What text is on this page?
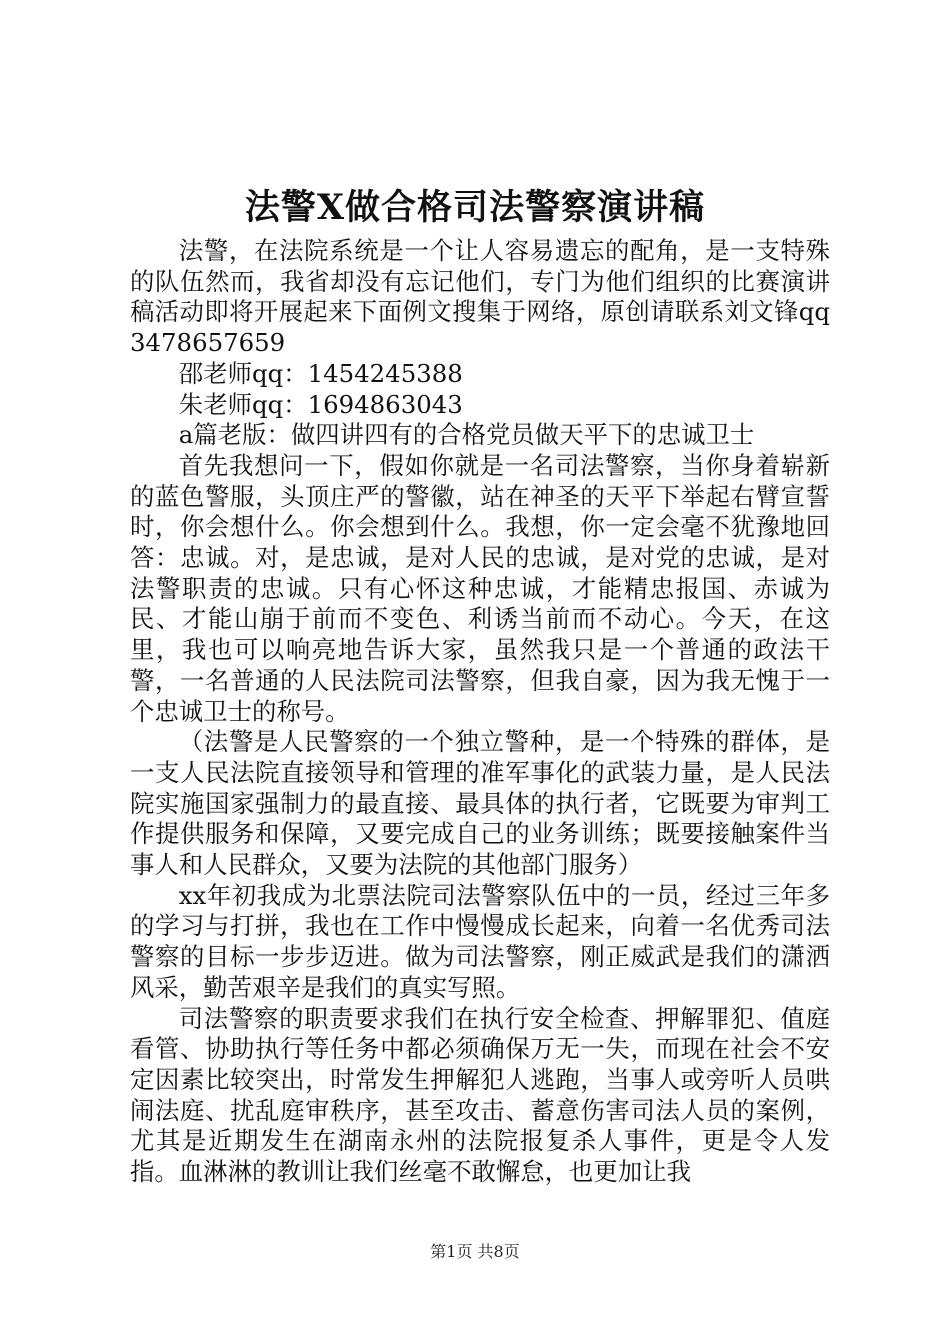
法警X做合格司法警察演讲稿

法警，在法院系统是一个让人容易遗忘的配角，是一支特殊的队伍然而，我省却没有忘记他们，专门为他们组织的比赛演讲稿活动即将开展起来下面例文搜集于网络，原创请联系刘文锋qq3478657659

邵老师qq：1454245388

朱老师qq：1694863043

a篇老版：做四讲四有的合格党员做天平下的忠诚卫士

首先我想问一下，假如你就是一名司法警察，当你身着崭新的蓝色警服，头顶庄严的警徽，站在神圣的天平下举起右臂宣誓时，你会想什么。你会想到什么。我想，你一定会毫不犹豫地回答：忠诚。对，是忠诚，是对人民的忠诚，是对党的忠诚，是对法警职责的忠诚。只有心怀这种忠诚，才能精忠报国、赤诚为民、才能山崩于前而不变色、利诱当前而不动心。今天，在这里，我也可以响亮地告诉大家，虽然我只是一个普通的政法干警，一名普通的人民法院司法警察，但我自豪，因为我无愧于一个忠诚卫士的称号。

（法警是人民警察的一个独立警种，是一个特殊的群体，是一支人民法院直接领导和管理的准军事化的武装力量，是人民法院实施国家强制力的最直接、最具体的执行者，它既要为审判工作提供服务和保障，又要完成自己的业务训练；既要接触案件当事人和人民群众，又要为法院的其他部门服务）

xx年初我成为北票法院司法警察队伍中的一员，经过三年多的学习与打拼，我也在工作中慢慢成长起来，向着一名优秀司法警察的目标一步步迈进。做为司法警察，刚正威武是我们的潇洒风采，勤苦艰辛是我们的真实写照。

司法警察的职责要求我们在执行安全检查、押解罪犯、值庭看管、协助执行等任务中都必须确保万无一失，而现在社会不安定因素比较突出，时常发生押解犯人逃跑，当事人或旁听人员哄闹法庭、扰乱庭审秩序，甚至攻击、蓄意伤害司法人员的案例，尤其是近期发生在湖南永州的法院报复杀人事件，更是令人发指。血淋淋的教训让我们丝毫不敢懈怠，也更加让我

第1页 共8页
